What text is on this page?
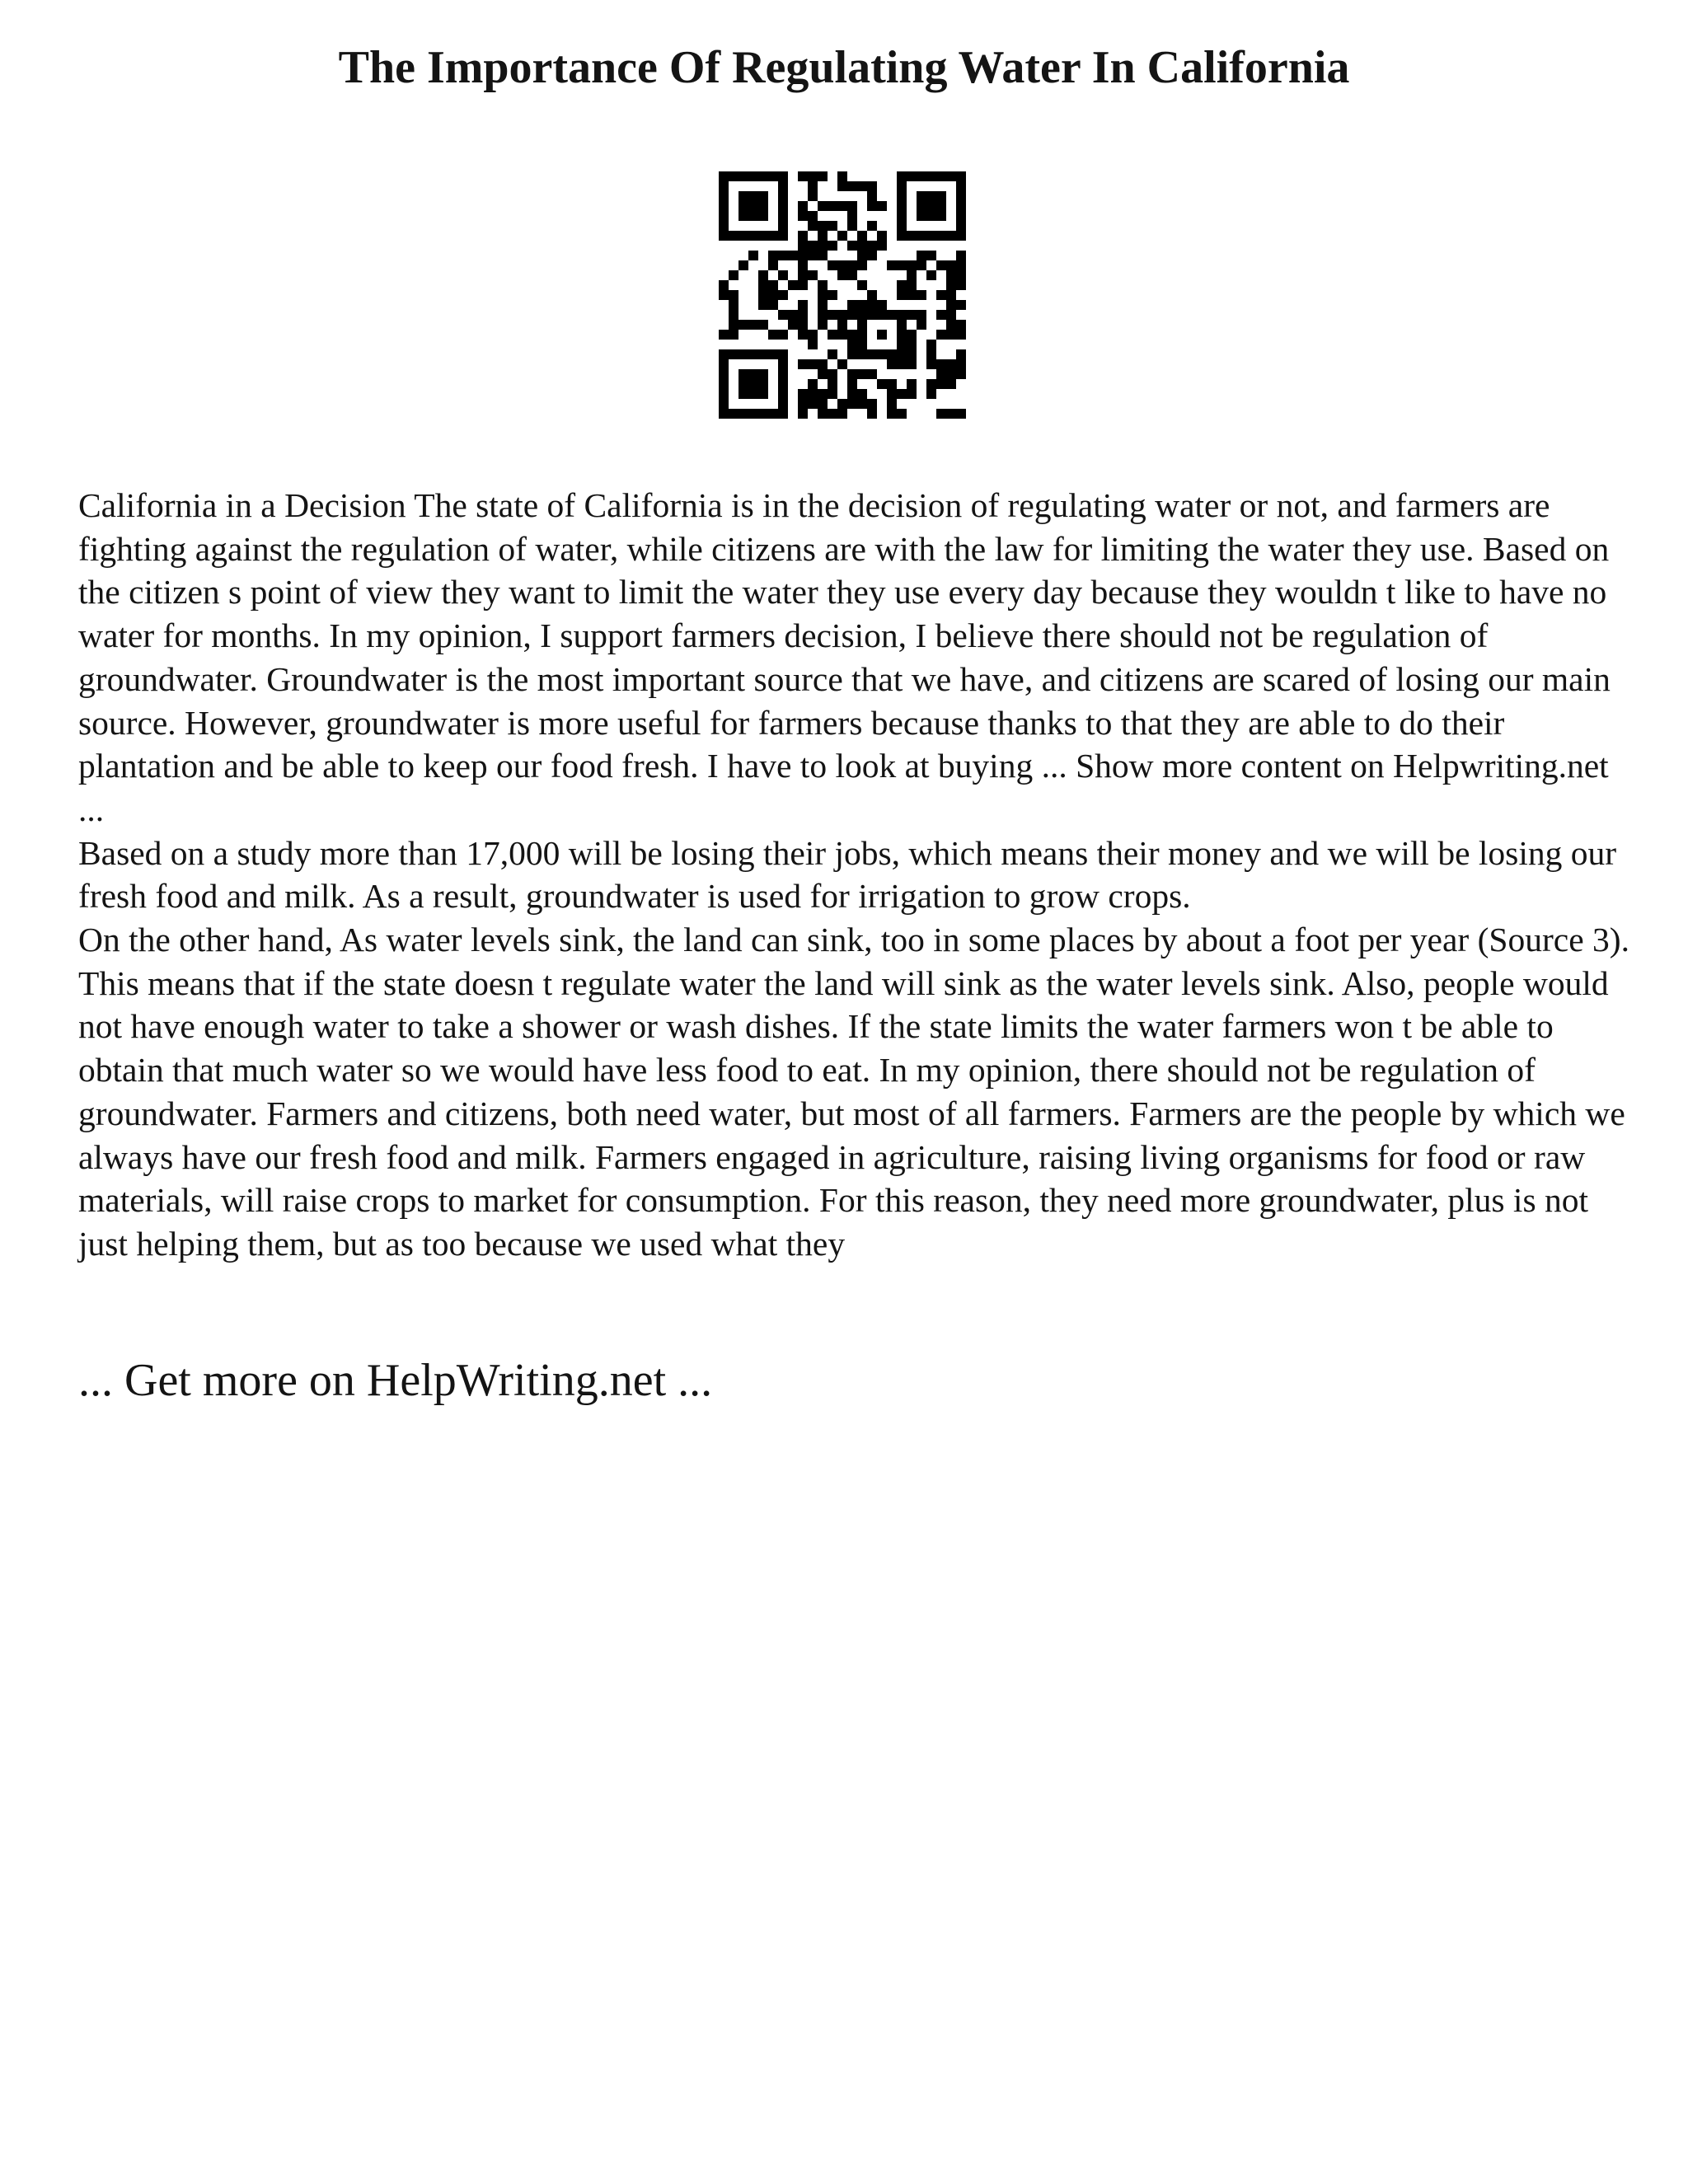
The Importance Of Regulating Water In California

California in a Decision The state of California is in the decision of regulating water or not, and farmers are fighting against the regulation of water, while citizens are with the law for limiting the water they use. Based on the citizen s point of view they want to limit the water they use every day because they wouldn t like to have no water for months. In my opinion, I support farmers decision, I believe there should not be regulation of groundwater. Groundwater is the most important source that we have, and citizens are scared of losing our main source. However, groundwater is more useful for farmers because thanks to that they are able to do their plantation and be able to keep our food fresh. I have to look at buying ... Show more content on Helpwriting.net ...

Based on a study more than 17,000 will be losing their jobs, which means their money and we will be losing our fresh food and milk. As a result, groundwater is used for irrigation to grow crops.

On the other hand, As water levels sink, the land can sink, too in some places by about a foot per year (Source 3). This means that if the state doesn t regulate water the land will sink as the water levels sink. Also, people would not have enough water to take a shower or wash dishes. If the state limits the water farmers won t be able to obtain that much water so we would have less food to eat. In my opinion, there should not be regulation of groundwater. Farmers and citizens, both need water, but most of all farmers. Farmers are the people by which we always have our fresh food and milk. Farmers engaged in agriculture, raising living organisms for food or raw materials, will raise crops to market for consumption. For this reason, they need more groundwater, plus is not just helping them, but as too because we used what they

... Get more on HelpWriting.net ...
